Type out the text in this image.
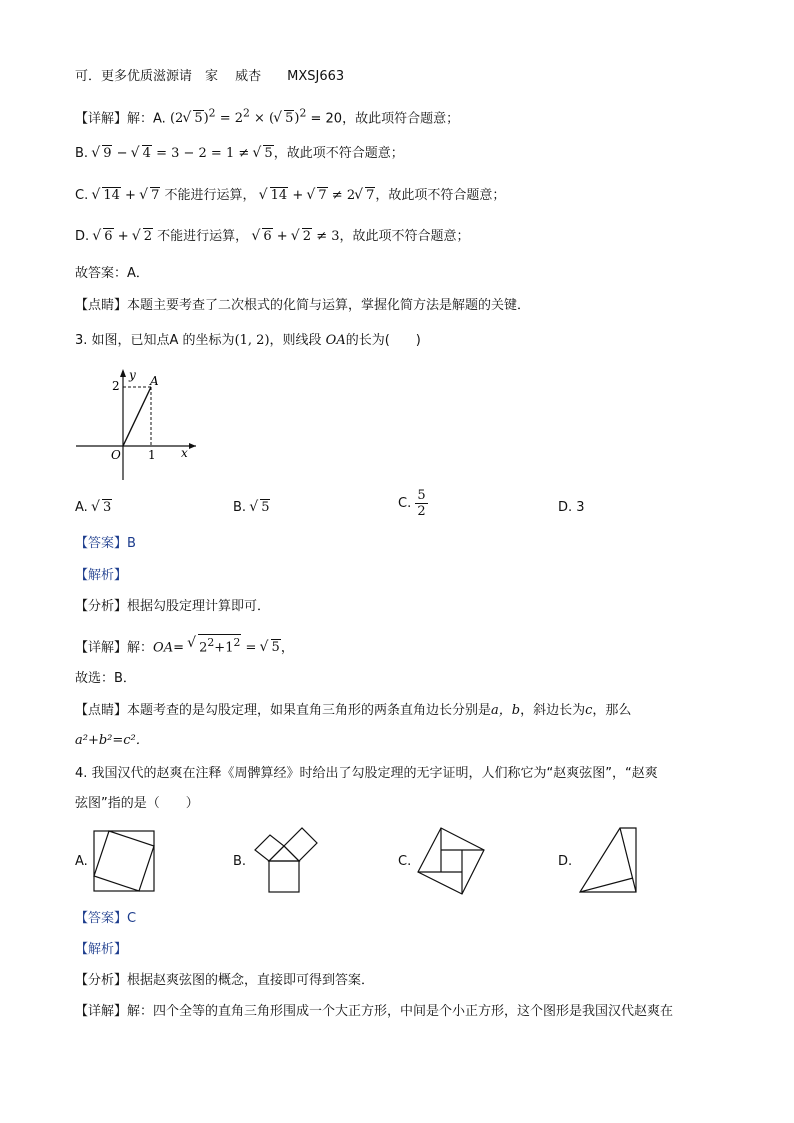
可．更多优质滋源请　家　 威杏　　MXSJ663
【详解】解：A. (2 √ $5)^2 = 2^2$ × ( √ 5)$^2$ = 20，故此项符合题意；
B. √ 9 − √ 4 = 3 − 2 = 1 ≠ √ 5，故此项不符合题意；
C. √ 14 + √ 7 不能进行运算， √ 14 + √ 7 ≠ 2 √ 7，故此项不符合题意；
D. √ 6 + √ 2 不能进行运算， √ 6 + √ 2 ≠ 3，故此项不符合题意；
故答案：A．
【点睛】本题主要考查了二次根式的化简与运算，掌握化简方法是解题的关键．
3. 如图，已知点A 的坐标为(1, 2)，则线段 OA的长为(　　)
y A
2
O 1 x
A. √ 3	B. √ 5	C. $\frac{5}{2}$	D. 3
【答案】B
【解析】
【分析】根据勾股定理计算即可．
【详解】解：OA= √ $2^2+1^2$ = √ 5，
故选：B．
【点睛】本题考查的是勾股定理，如果直角三角形的两条直角边长分别是a，b，斜边长为c，那么
a²+b²=c²．
4. 我国汉代的赵爽在注释《周髀算经》时给出了勾股定理的无字证明，人们称它为“赵爽弦图”，“赵爽
弦图”指的是（　　）
A.	B.	C.	D.
【答案】C
【解析】
【分析】根据赵爽弦图的概念，直接即可得到答案．
【详解】解：四个全等的直角三角形围成一个大正方形，中间是个小正方形，这个图形是我国汉代赵爽在
